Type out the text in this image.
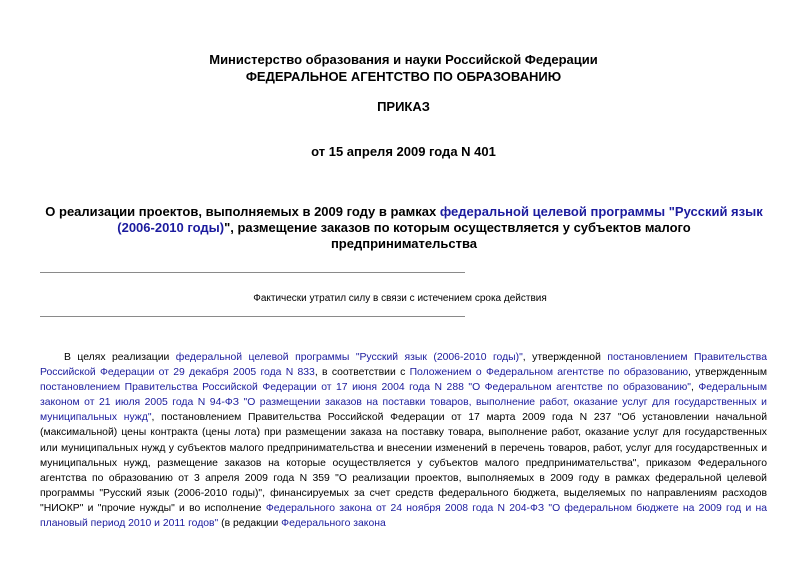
Министерство образования и науки Российской Федерации
ФЕДЕРАЛЬНОЕ АГЕНТСТВО ПО ОБРАЗОВАНИЮ
ПРИКАЗ
от 15 апреля 2009 года N 401
О реализации проектов, выполняемых в 2009 году в рамках федеральной целевой программы "Русский язык (2006-2010 годы)", размещение заказов по которым осуществляется у субъектов малого предпринимательства
Фактически утратил силу в связи с истечением срока действия
В целях реализации федеральной целевой программы "Русский язык (2006-2010 годы)", утвержденной постановлением Правительства Российской Федерации от 29 декабря 2005 года N 833, в соответствии с Положением о Федеральном агентстве по образованию, утвержденным постановлением Правительства Российской Федерации от 17 июня 2004 года N 288 "О Федеральном агентстве по образованию", Федеральным законом от 21 июля 2005 года N 94-ФЗ "О размещении заказов на поставки товаров, выполнение работ, оказание услуг для государственных и муниципальных нужд", постановлением Правительства Российской Федерации от 17 марта 2009 года N 237 "Об установлении начальной (максимальной) цены контракта (цены лота) при размещении заказа на поставку товара, выполнение работ, оказание услуг для государственных или муниципальных нужд у субъектов малого предпринимательства и внесении изменений в перечень товаров, работ, услуг для государственных и муниципальных нужд, размещение заказов на которые осуществляется у субъектов малого предпринимательства", приказом Федерального агентства по образованию от 3 апреля 2009 года N 359 "О реализации проектов, выполняемых в 2009 году в рамках федеральной целевой программы "Русский язык (2006-2010 годы)", финансируемых за счет средств федерального бюджета, выделяемых по направлениям расходов "НИОКР" и "прочие нужды" и во исполнение Федерального закона от 24 ноября 2008 года N 204-ФЗ "О федеральном бюджете на 2009 год и на плановый период 2010 и 2011 годов" (в редакции Федерального закона
